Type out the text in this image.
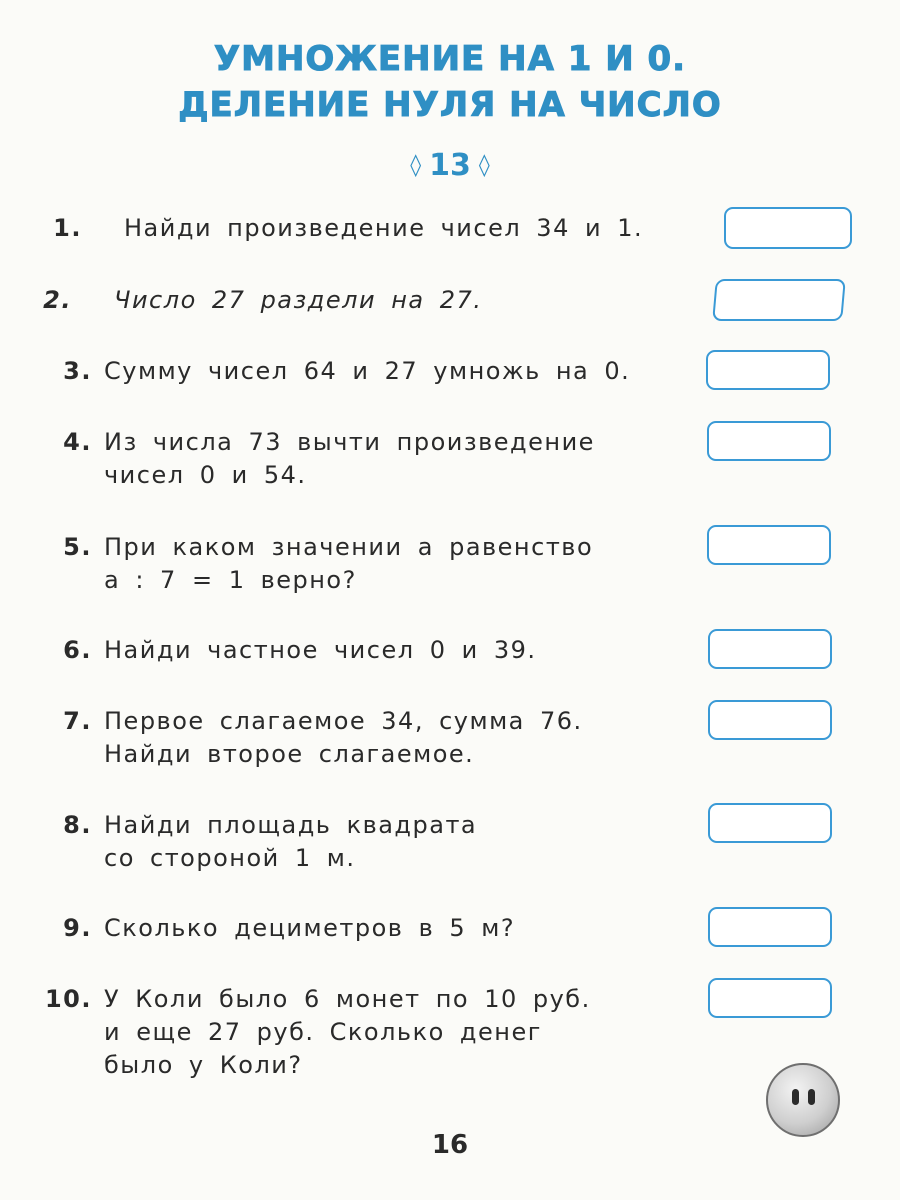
УМНОЖЕНИЕ НА 1 И 0.
ДЕЛЕНИЕ НУЛЯ НА ЧИСЛО
◊ 13 ◊
1. Найди произведение чисел 34 и 1.
2. Число 27 раздели на 27.
3. Сумму чисел 64 и 27 умножь на 0.
4. Из числа 73 вычти произведение
чисел 0 и 54.
5. При каком значении a равенство
a : 7 = 1 верно?
6. Найди частное чисел 0 и 39.
7. Первое слагаемое 34, сумма 76.
Найди второе слагаемое.
8. Найди площадь квадрата
со стороной 1 м.
9. Сколько дециметров в 5 м?
10. У Коли было 6 монет по 10 руб.
и еще 27 руб. Сколько денег
было у Коли?
16
